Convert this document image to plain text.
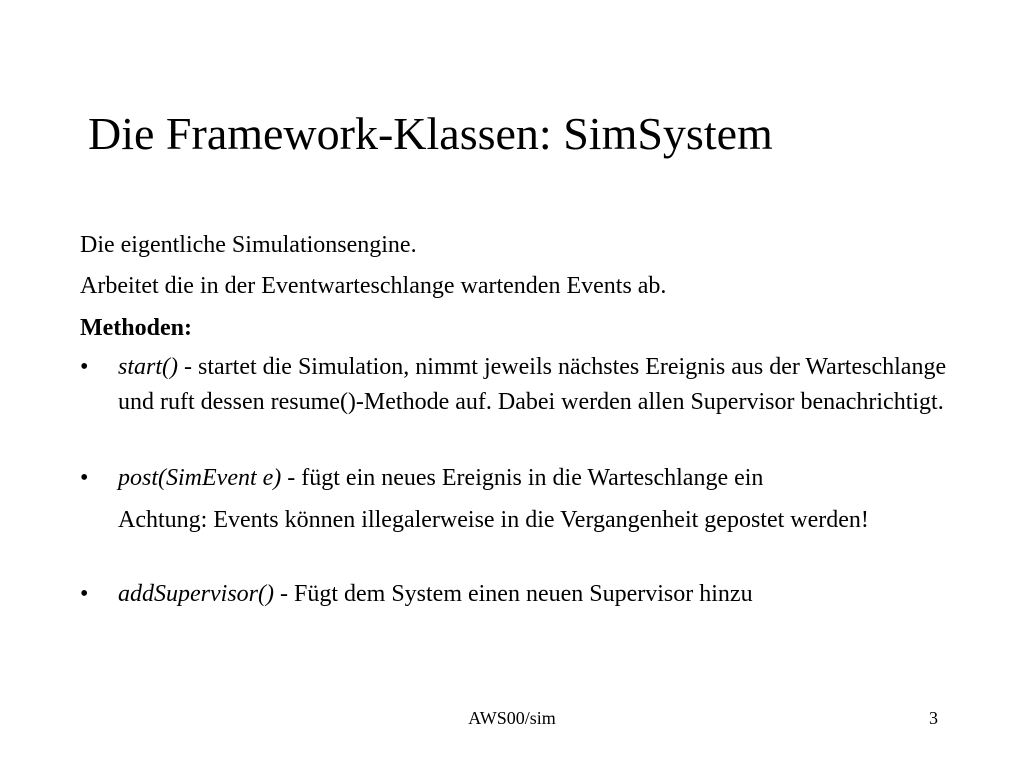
Die Framework-Klassen: SimSystem
Die eigentliche Simulationsengine.
Arbeitet die in der Eventwarteschlange wartenden Events ab.
Methoden:
•	start() - startet die Simulation, nimmt jeweils nächstes Ereignis aus der Warteschlange und ruft dessen resume()-Methode auf. Dabei werden allen Supervisor benachrichtigt.
•	post(SimEvent e) - fügt ein neues Ereignis in die Warteschlange ein
Achtung: Events können illegalerweise in die Vergangenheit gepostet werden!
•	addSupervisor() - Fügt dem System einen neuen Supervisor hinzu
AWS00/sim	3
